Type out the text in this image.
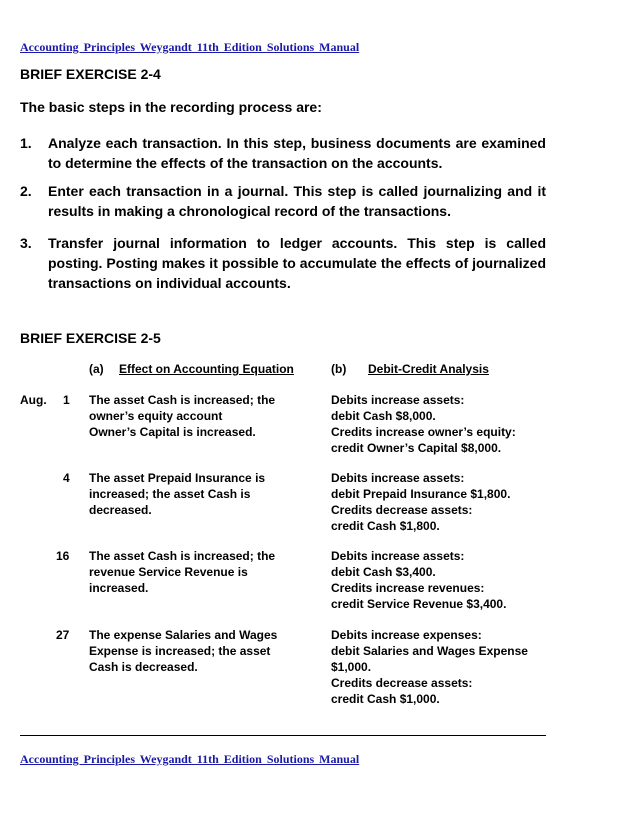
Accounting Principles Weygandt 11th Edition Solutions Manual
BRIEF EXERCISE 2-4
The basic steps in the recording process are:
1. Analyze each transaction. In this step, business documents are examined to determine the effects of the transaction on the accounts.
2. Enter each transaction in a journal. This step is called journalizing and it results in making a chronological record of the transactions.
3. Transfer journal information to ledger accounts. This step is called posting. Posting makes it possible to accumulate the effects of journalized transactions on individual accounts.
BRIEF EXERCISE 2-5
(a) Effect on Accounting Equation	(b) Debit-Credit Analysis
Aug. 1 The asset Cash is increased; the
owner’s equity account
Owner’s Capital is increased.
Debits increase assets:
debit Cash $8,000.
Credits increase owner’s equity:
credit Owner’s Capital $8,000.
4 The asset Prepaid Insurance is
increased; the asset Cash is
decreased.
Debits increase assets:
debit Prepaid Insurance $1,800.
Credits decrease assets:
credit Cash $1,800.
16 The asset Cash is increased; the
revenue Service Revenue is
increased.
Debits increase assets:
debit Cash $3,400.
Credits increase revenues:
credit Service Revenue $3,400.
27 The expense Salaries and Wages
Expense is increased; the asset
Cash is decreased.
Debits increase expenses:
debit Salaries and Wages Expense
$1,000.
Credits decrease assets:
credit Cash $1,000.
Accounting Principles Weygandt 11th Edition Solutions Manual
